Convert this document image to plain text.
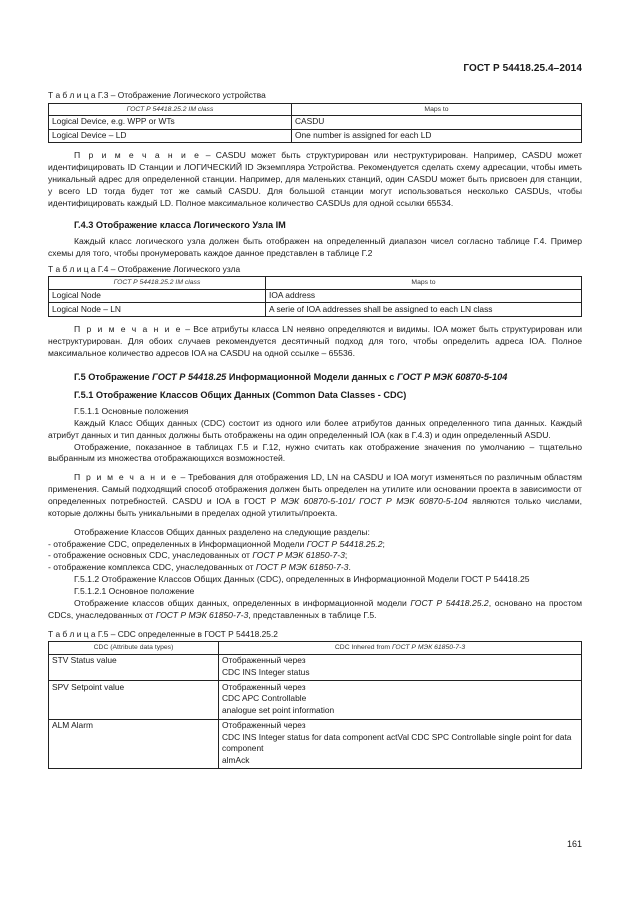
ГОСТ Р 54418.25.4–2014
Т а б л и ц а Г.3 – Отображение Логического устройства
ГОСТ Р 54418.25.2 IM class	Maps to
Logical Device, e.g. WPP or WTs	CASDU
Logical Device – LD	One number is assigned for each LD

П р и м е ч а н и е – CASDU может быть структурирован или неструктурирован. Например, CASDU может идентифицировать ID Станции и ЛОГИЧЕСКИЙ ID Экземпляра Устройства. Рекомендуется сделать схему адресации, чтобы иметь уникальный адрес для определенной станции. Например, для маленьких станций, один CASDU может быть присвоен для станции, у всего LD тогда будет тот же самый CASDU. Для большой станции могут использоваться несколько CASDUs, чтобы идентифицировать каждый LD. Полное максимальное количество CASDUs для одной ссылки 65534.

Г.4.3 Отображение класса Логического Узла IM

Каждый класс логического узла должен быть отображен на определенный диапазон чисел согласно таблице Г.4. Пример схемы для того, чтобы пронумеровать каждое данное представлен в таблице Г.2

Т а б л и ц а Г.4 – Отображение Логического узла
ГОСТ Р 54418.25.2 IM class	Maps to
Logical Node	IOA address
Logical Node – LN	A serie of IOA addresses shall be assigned to each LN class

П р и м е ч а н и е – Все атрибуты класса LN неявно определяются и видимы. IOA может быть структурирован или неструктурирован. Для обоих случаев рекомендуется десятичный подход для того, чтобы определить адреса IOA. Полное максимальное количество адресов IOA на CASDU на одной ссылке – 65536.

Г.5 Отображение ГОСТ Р 54418.25 Информационной Модели данных с ГОСТ Р МЭК 60870-5-104
Г.5.1 Отображение Классов Общих Данных (Common Data Classes - CDC)

Г.5.1.1 Основные положения

Каждый Класс Общих данных (CDC) состоит из одного или более атрибутов данных определенного типа данных. Каждый атрибут данных и тип данных должны быть отображены на один определенный IOA (как в Г.4.3) и один определенный ASDU.

Отображение, показанное в таблицах Г.5 и Г.12, нужно считать как отображение значения по умолчанию – тщательно выбранным из множества отображающихся возможностей.

П р и м е ч а н и е – Требования для отображения LD, LN на CASDU и IOA могут изменяться по различным областям применения. Самый подходящий способ отображения должен быть определен на утилите или основании проекта в зависимости от определенных потребностей. CASDU и IOA в ГОСТ Р МЭК 60870-5-101/ ГОСТ Р МЭК 60870-5-104 являются только числами, которые должны быть уникальными в пределах одной утилиты/проекта.

Отображение Классов Общих данных разделено на следующие разделы:

- отображение CDC, определенных в Информационной Модели ГОСТ Р 54418.25.2;

- отображение основных CDC, унаследованных от ГОСТ Р МЭК 61850-7-3;

- отображение комплекса CDC, унаследованных от ГОСТ Р МЭК 61850-7-3.

Г.5.1.2 Отображение Классов Общих Данных (CDC), определенных в Информационной Модели ГОСТ Р 54418.25

Г.5.1.2.1 Основное положение

Отображение классов общих данных, определенных в информационной модели ГОСТ Р 54418.25.2, основано на простом CDCs, унаследованных от ГОСТ Р МЭК 61850-7-3, представленных в таблице Г.5.

Т а б л и ц а Г.5 – CDC определенные в ГОСТ Р 54418.25.2
CDC (Attribute data types)	CDC Inhered from ГОСТ Р МЭК 61850-7-3
STV Status value	Отображенный через
CDC INS Integer status

SPV Setpoint value	Отображенный через
CDC APC Controllable
analogue set point information

ALM Alarm	Отображенный через
CDC INS Integer status for data component actVal CDC SPC Controllable single point for data component
almAck
161
